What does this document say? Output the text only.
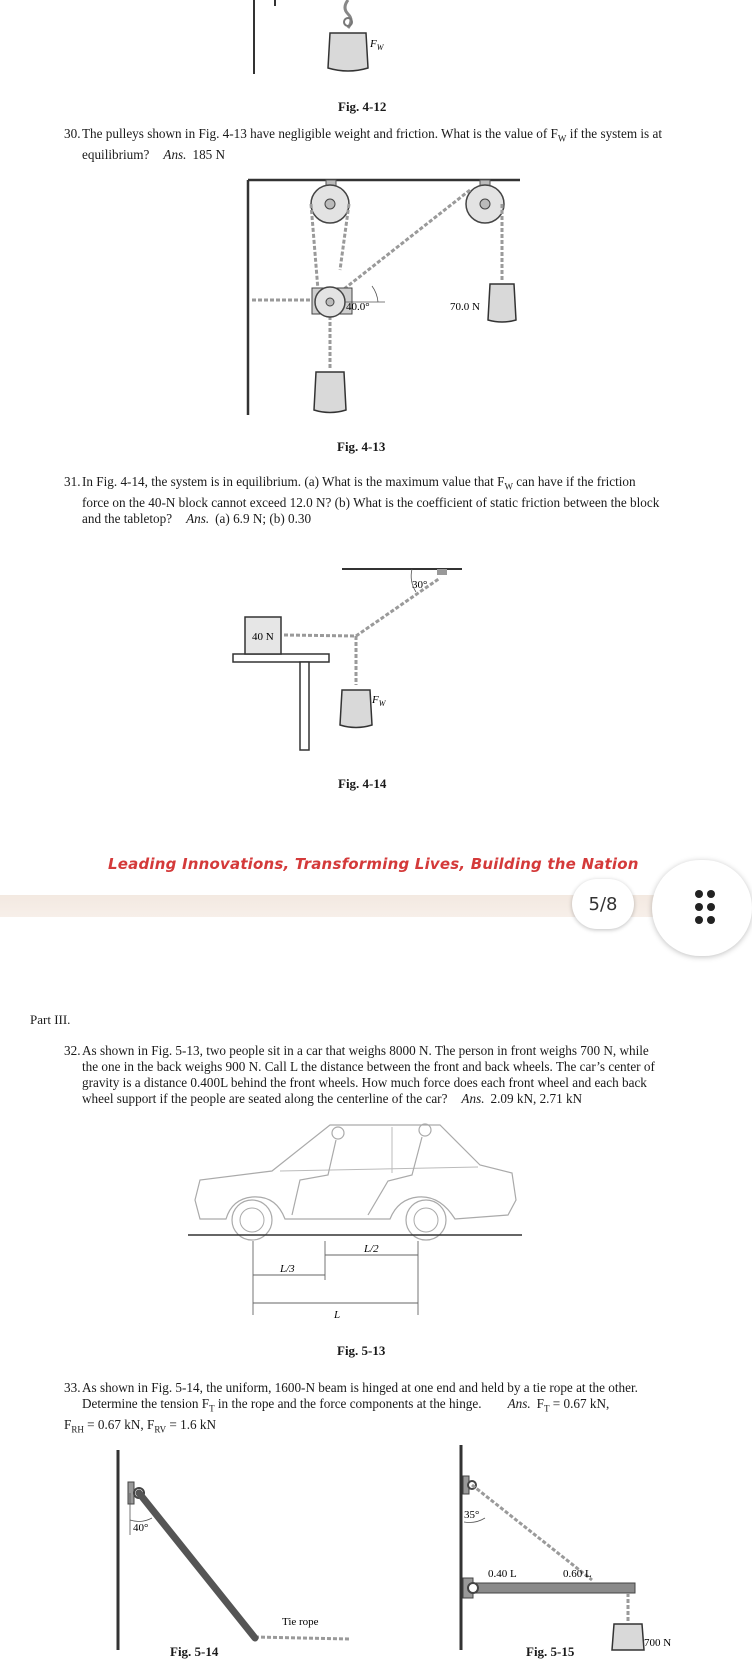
$F_W$
Fig. 4-12
30. The pulleys shown in Fig. 4-13 have negligible weight and friction. What is the value of $F_W$ if the system is at
equilibrium? Ans. 185 N
40.0°	70.0 N
Fig. 4-13
31. In Fig. 4-14, the system is in equilibrium. (a) What is the maximum value that $F_W$ can have if the friction
force on the 40-N block cannot exceed 12.0 N? (b) What is the coefficient of static friction between the block
and the tabletop? Ans. (a) 6.9 N; (b) 0.30
40 N
30°
$F_W$
Fig. 4-14
Leading Innovations, Transforming Lives, Building the Nation
5/8
Part III.
32. As shown in Fig. 5-13, two people sit in a car that weighs 8000 N. The person in front weighs 700 N, while
the one in the back weighs 900 N. Call L the distance between the front and back wheels. The car’s center of
gravity is a distance 0.400L behind the front wheels. How much force does each front wheel and each back
wheel support if the people are seated along the centerline of the car? Ans. 2.09 kN, 2.71 kN
L/3
L/2
L
Fig. 5-13
33. As shown in Fig. 5-14, the uniform, 1600-N beam is hinged at one end and held by a tie rope at the other.
Determine the tension $F_T$ in the rope and the force components at the hinge. Ans. $F_T = 0.67$ kN,
$F_{RH} = 0.67$ kN, $F_{RV} = 1.6$ kN
40°
Tie rope
Fig. 5-14
35°
0.40 L	0.60 L
700 N
Fig. 5-15
